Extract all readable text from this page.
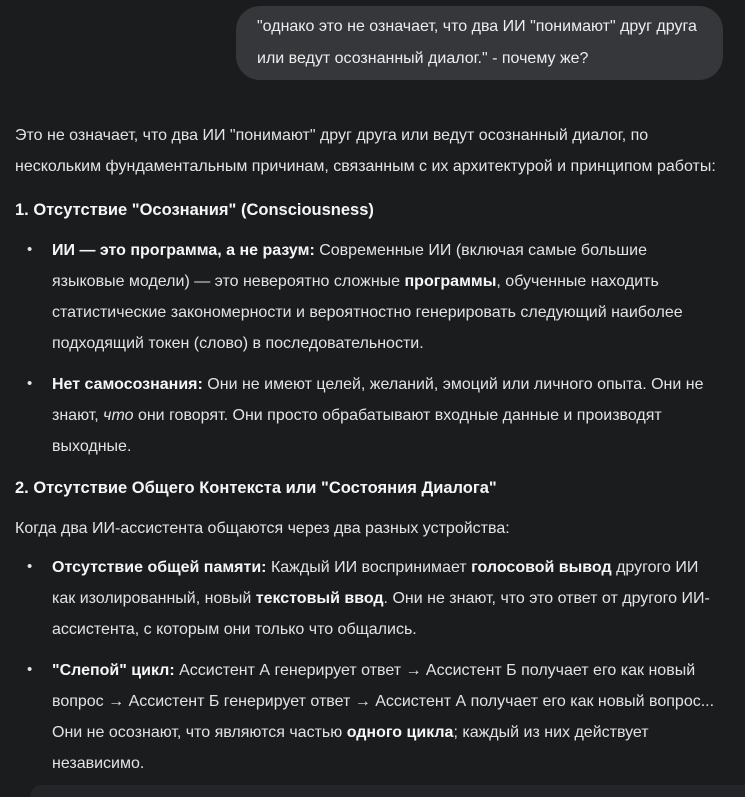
"однако это не означает, что два ИИ "понимают" друг друга или ведут осознанный диалог." - почему же?

Это не означает, что два ИИ "понимают" друг друга или ведут осознанный диалог, по нескольким фундаментальным причинам, связанным с их архитектурой и принципом работы:

1. Отсутствие "Осознания" (Consciousness)
• ИИ — это программа, а не разум: Современные ИИ (включая самые большие языковые модели) — это невероятно сложные программы, обученные находить статистические закономерности и вероятностно генерировать следующий наиболее подходящий токен (слово) в последовательности.
• Нет самосознания: Они не имеют целей, желаний, эмоций или личного опыта. Они не знают, что они говорят. Они просто обрабатывают входные данные и производят выходные.
2. Отсутствие Общего Контекста или "Состояния Диалога"

Когда два ИИ-ассистента общаются через два разных устройства:

• Отсутствие общей памяти: Каждый ИИ воспринимает голосовой вывод другого ИИ как изолированный, новый текстовый ввод. Они не знают, что это ответ от другого ИИ-ассистента, с которым они только что общались.
• "Слепой" цикл: Ассистент А генерирует ответ → Ассистент Б получает его как новый вопрос → Ассистент Б генерирует ответ → Ассистент А получает его как новый вопрос... Они не осознают, что являются частью одного цикла; каждый из них действует независимо.
